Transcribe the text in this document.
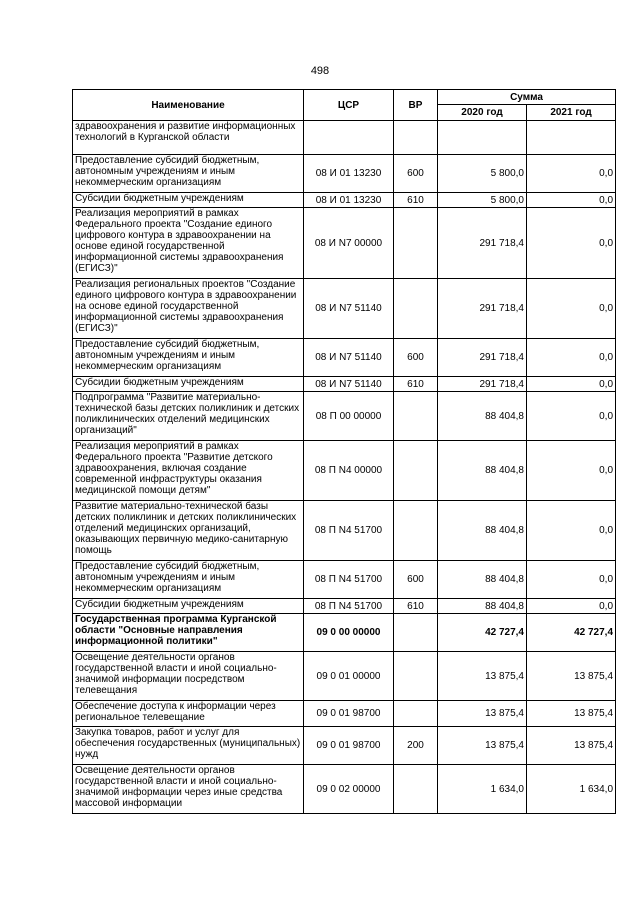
498
Наименование	ЦСР	ВР	Сумма	
			2020 год	2021 год
здравоохранения и развитие информационных технологий в Курганской области				
Предоставление субсидий бюджетным, автономным учреждениям и иным некоммерческим организациям	08 И 01 13230	600	5 800,0	0,0
Субсидии бюджетным учреждениям	08 И 01 13230	610	5 800,0	0,0
Реализация мероприятий в рамках Федерального проекта "Создание единого цифрового контура в здравоохранении на основе единой государственной информационной системы здравоохранения (ЕГИСЗ)"	08 И N7 00000		291 718,4	0,0
Реализация региональных проектов "Создание единого цифрового контура в здравоохранении на основе единой государственной информационной системы здравоохранения (ЕГИСЗ)"	08 И N7 51140		291 718,4	0,0
Предоставление субсидий бюджетным, автономным учреждениям и иным некоммерческим организациям	08 И N7 51140	600	291 718,4	0,0
Субсидии бюджетным учреждениям	08 И N7 51140	610	291 718,4	0,0
Подпрограмма "Развитие материально-технической базы детских поликлиник и детских поликлинических отделений медицинских организаций"	08 П 00 00000		88 404,8	0,0
Реализация мероприятий в рамках Федерального проекта "Развитие детского здравоохранения, включая создание современной инфраструктуры оказания медицинской помощи детям"	08 П N4 00000		88 404,8	0,0
Развитие материально-технической базы детских поликлиник и детских поликлинических отделений медицинских организаций, оказывающих первичную медико-санитарную помощь	08 П N4 51700		88 404,8	0,0
Предоставление субсидий бюджетным, автономным учреждениям и иным некоммерческим организациям	08 П N4 51700	600	88 404,8	0,0
Субсидии бюджетным учреждениям	08 П N4 51700	610	88 404,8	0,0
Государственная программа Курганской области "Основные направления информационной политики"	09 0 00 00000		42 727,4	42 727,4
Освещение деятельности органов государственной власти и иной социально-значимой информации посредством телевещания	09 0 01 00000		13 875,4	13 875,4
Обеспечение доступа к информации через региональное телевещание	09 0 01 98700		13 875,4	13 875,4
Закупка товаров, работ и услуг для обеспечения государственных (муниципальных) нужд	09 0 01 98700	200	13 875,4	13 875,4
Освещение деятельности органов государственной власти и иной социально-значимой информации через иные средства массовой информации	09 0 02 00000		1 634,0	1 634,0
